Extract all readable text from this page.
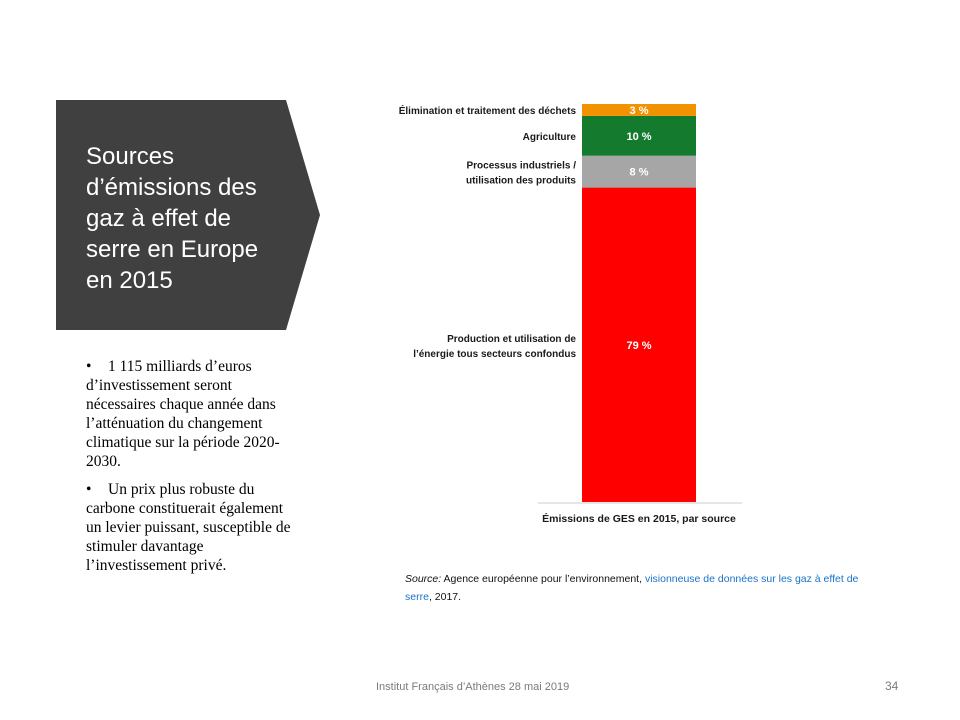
Sources d’émissions des gaz à effet de serre en Europe en 2015
• 1 115 milliards d’euros d’investissement seront nécessaires chaque année dans l’atténuation du changement climatique sur la période 2020-2030.
• Un prix plus robuste du carbone constituerait également un levier puissant, susceptible de stimuler davantage l’investissement privé.
79 %
Production et utilisation de
l’énergie tous secteurs confondus
8 %
Processus industriels /
utilisation des produits
10 %
Agriculture
3 %
Élimination et traitement des déchets
Émissions de GES en 2015, par source
Source: Agence européenne pour l’environnement, visionneuse de données sur les gaz à effet de serre, 2017.
Institut Français d’Athènes 28 mai 2019	34
